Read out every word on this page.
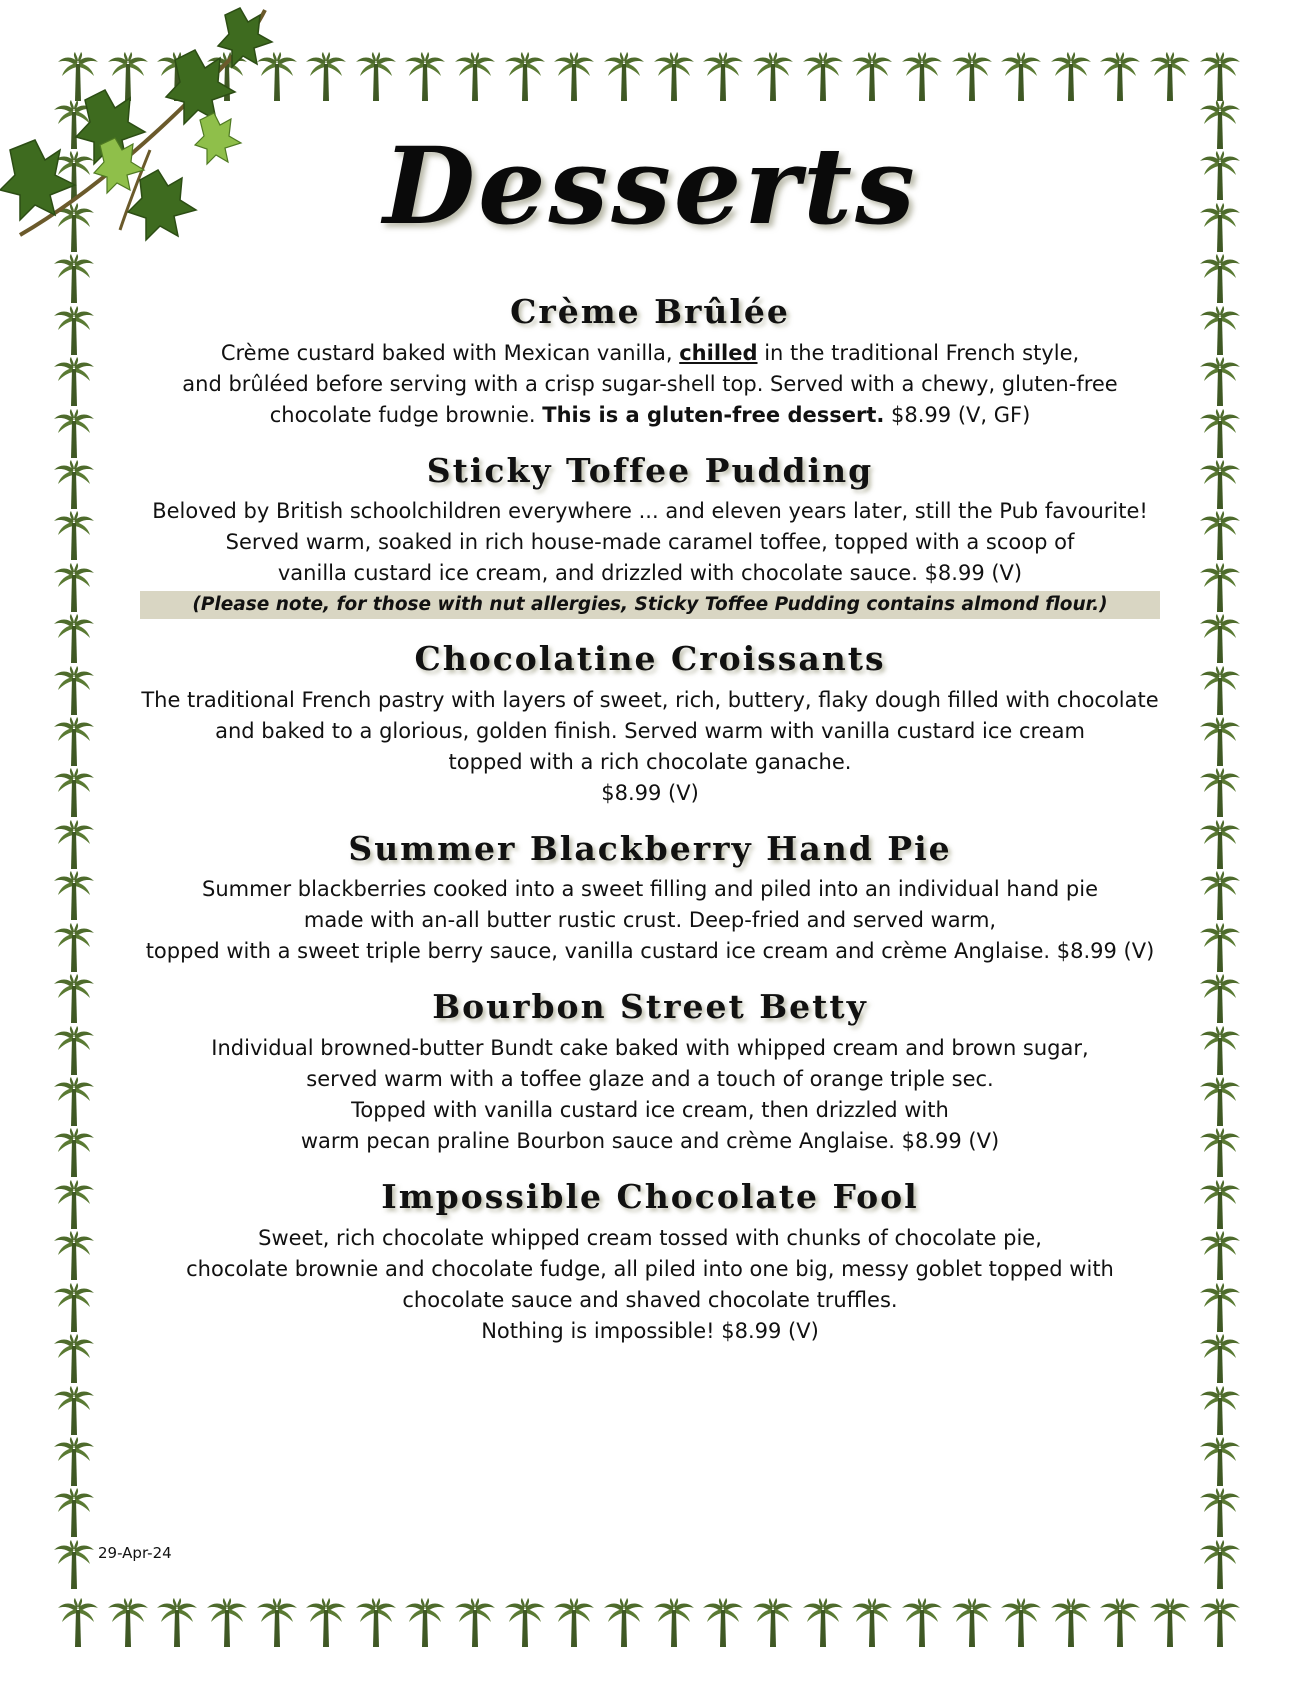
Desserts
Crème Brûlée

Crème custard baked with Mexican vanilla, chilled in the traditional French style,
and brûléed before serving with a crisp sugar-shell top. Served with a chewy, gluten-free
chocolate fudge brownie. This is a gluten-free dessert. $8.99 (V, GF)

Sticky Toffee Pudding

Beloved by British schoolchildren everywhere ... and eleven years later, still the Pub favourite!
Served warm, soaked in rich house-made caramel toffee, topped with a scoop of
vanilla custard ice cream, and drizzled with chocolate sauce. $8.99 (V)

(Please note, for those with nut allergies, Sticky Toffee Pudding contains almond flour.)

Chocolatine Croissants

The traditional French pastry with layers of sweet, rich, buttery, flaky dough filled with chocolate
and baked to a glorious, golden finish. Served warm with vanilla custard ice cream
topped with a rich chocolate ganache.
$8.99 (V)

Summer Blackberry Hand Pie

Summer blackberries cooked into a sweet filling and piled into an individual hand pie
made with an-all butter rustic crust. Deep-fried and served warm,
topped with a sweet triple berry sauce, vanilla custard ice cream and crème Anglaise. $8.99 (V)

Bourbon Street Betty

Individual browned-butter Bundt cake baked with whipped cream and brown sugar,
served warm with a toffee glaze and a touch of orange triple sec.
Topped with vanilla custard ice cream, then drizzled with
warm pecan praline Bourbon sauce and crème Anglaise. $8.99 (V)

Impossible Chocolate Fool

Sweet, rich chocolate whipped cream tossed with chunks of chocolate pie,
chocolate brownie and chocolate fudge, all piled into one big, messy goblet topped with
chocolate sauce and shaved chocolate truffles.
Nothing is impossible! $8.99 (V)

29-Apr-24
